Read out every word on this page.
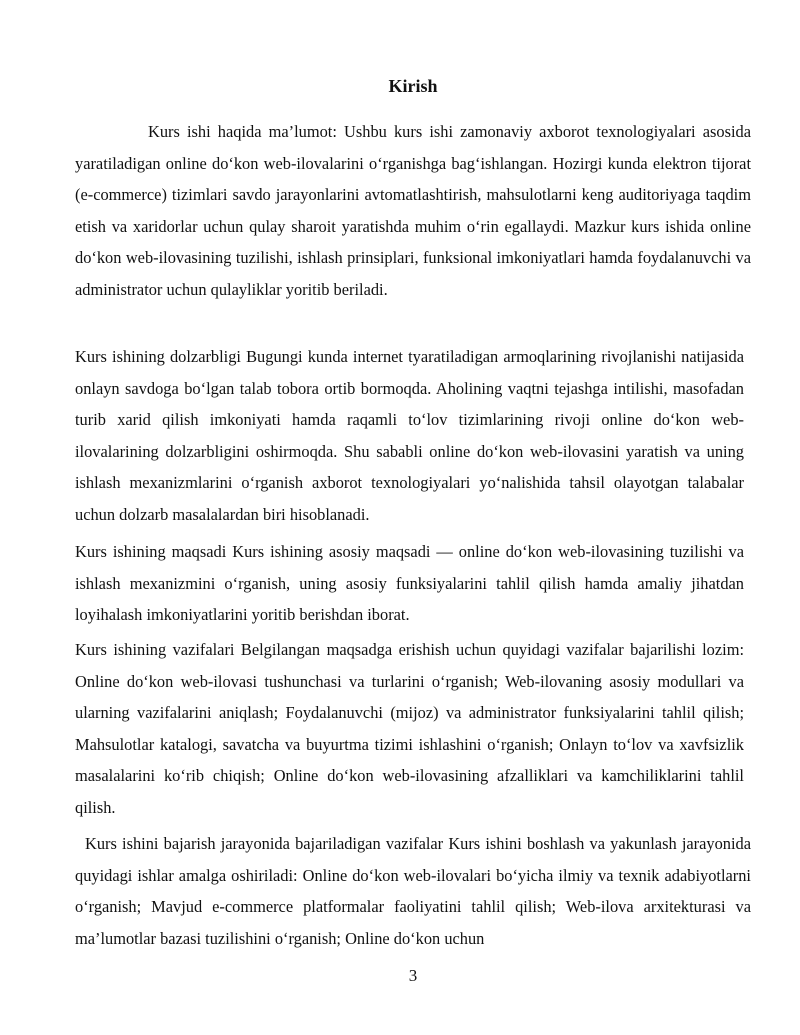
Kirish

Kurs ishi haqida ma’lumot: Ushbu kurs ishi zamonaviy axborot texnologiyalari asosida yaratiladigan online do‘kon web-ilovalarini o‘rganishga bag‘ishlangan. Hozirgi kunda elektron tijorat (e-commerce) tizimlari savdo jarayonlarini avtomatlashtirish, mahsulotlarni keng auditoriyaga taqdim etish va xaridorlar uchun qulay sharoit yaratishda muhim o‘rin egallaydi. Mazkur kurs ishida online do‘kon web-ilovasining tuzilishi, ishlash prinsiplari, funksional imkoniyatlari hamda foydalanuvchi va administrator uchun qulayliklar yoritib beriladi.

Kurs ishining dolzarbligi Bugungi kunda internet tyaratiladigan armoqlarining rivojlanishi natijasida onlayn savdoga bo‘lgan talab tobora ortib bormoqda. Aholining vaqtni tejashga intilishi, masofadan turib xarid qilish imkoniyati hamda raqamli to‘lov tizimlarining rivoji online do‘kon web-ilovalarining dolzarbligini oshirmoqda. Shu sababli online do‘kon web-ilovasini yaratish va uning ishlash mexanizmlarini o‘rganish axborot texnologiyalari yo‘nalishida tahsil olayotgan talabalar uchun dolzarb masalalardan biri hisoblanadi.

Kurs ishining maqsadi Kurs ishining asosiy maqsadi — online do‘kon web-ilovasining tuzilishi va ishlash mexanizmini o‘rganish, uning asosiy funksiyalarini tahlil qilish hamda amaliy jihatdan loyihalash imkoniyatlarini yoritib berishdan iborat.

Kurs ishining vazifalari Belgilangan maqsadga erishish uchun quyidagi vazifalar bajarilishi lozim: Online do‘kon web-ilovasi tushunchasi va turlarini o‘rganish; Web-ilovaning asosiy modullari va ularning vazifalarini aniqlash; Foydalanuvchi (mijoz) va administrator funksiyalarini tahlil qilish; Mahsulotlar katalogi, savatcha va buyurtma tizimi ishlashini o‘rganish; Onlayn to‘lov va xavfsizlik masalalarini ko‘rib chiqish; Online do‘kon web-ilovasining afzalliklari va kamchiliklarini tahlil qilish.

Kurs ishini bajarish jarayonida bajariladigan vazifalar Kurs ishini boshlash va yakunlash jarayonida quyidagi ishlar amalga oshiriladi: Online do‘kon web-ilovalari bo‘yicha ilmiy va texnik adabiyotlarni o‘rganish; Mavjud e-commerce platformalar faoliyatini tahlil qilish; Web-ilova arxitekturasi va ma’lumotlar bazasi tuzilishini o‘rganish; Online do‘kon uchun

3
